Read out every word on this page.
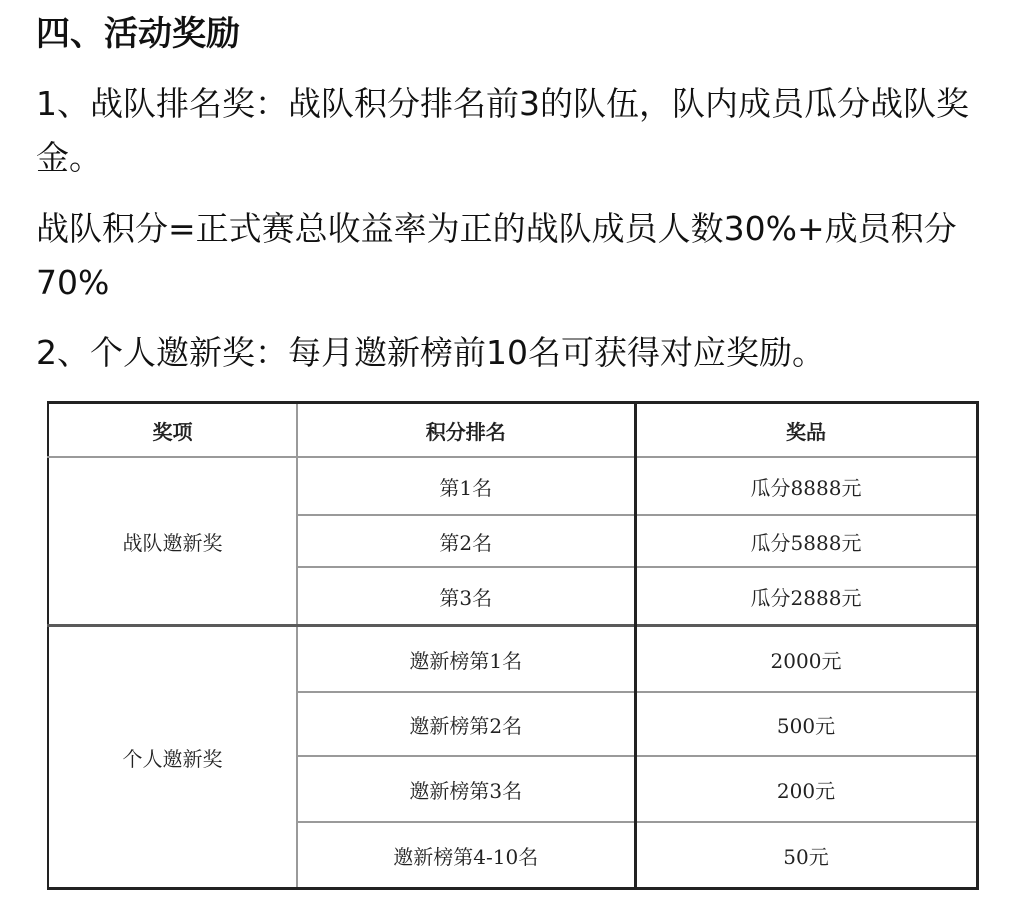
四、活动奖励

1、战队排名奖：战队积分排名前3的队伍，队内成员瓜分战队奖金。

战队积分=正式赛总收益率为正的战队成员人数30%+成员积分70%

2、个人邀新奖：每月邀新榜前10名可获得对应奖励。

奖项	积分排名	奖品
战队邀新奖	第1名	瓜分8888元
	第2名	瓜分5888元
	第3名	瓜分2888元
个人邀新奖	邀新榜第1名	2000元
	邀新榜第2名	500元
	邀新榜第3名	200元
	邀新榜第4-10名	50元
